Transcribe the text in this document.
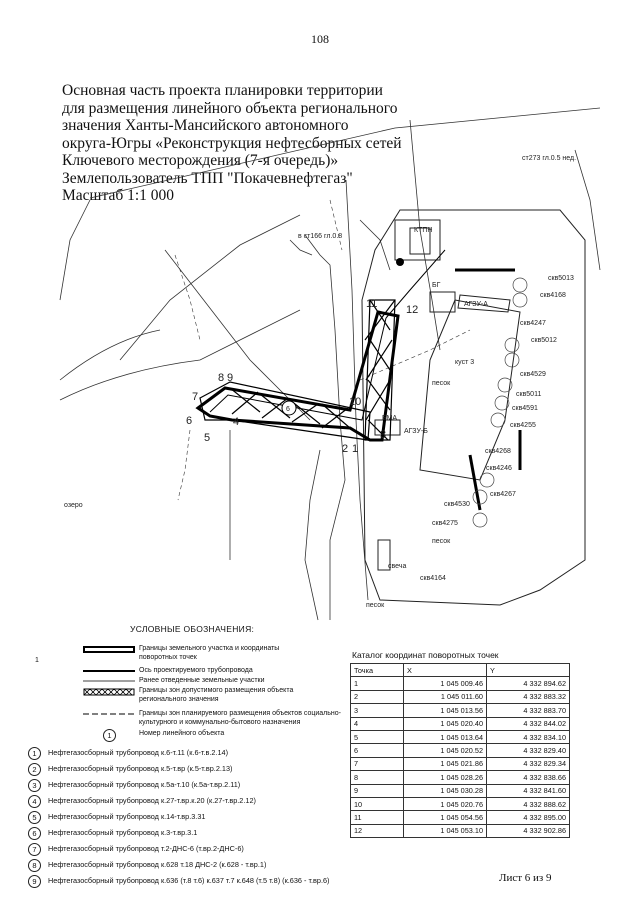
108
Основная часть проекта планировки территории
для размещения линейного объекта регионального
значения Ханты-Мансийского автономного
округа-Югры «Реконструкция нефтесборных сетей
Ключевого месторождения (7-я очередь)»
Землепользователь ТПП "Покачевнефтегаз"
Масштаб 1:1 000
6
1
2
3
4
5
6
7
8 9
10
11	12
КТПН
БГ
АГЗУ-А
АГЗУ-Б
БМА
куст 3
песок
песок
песок
свеча
озеро
ст273 гл.0.5 нед.
в ст166 гл.0.8
скв5013
скв4168
скв4247
скв5012
скв4529
скв5011
скв4591
скв4255
скв4268
скв4246
скв4267
скв4530
скв4275
скв4164
УСЛОВНЫЕ ОБОЗНАЧЕНИЯ:
1
Границы земельного участка и координаты поворотных точек
Ось проектируемого трубопровода
Ранее отведенные земельные участки
Границы зон допустимого размещения объекта регионального значения
Границы зон планируемого размещения объектов социально-культурного и коммунально-бытового назначения
1	Номер линейного объекта
1	Нефтегазосборный трубопровод к.6-т.11 (к.6-т.в.2.14)
2	Нефтегазосборный трубопровод к.5-т.вр (к.5-т.вр.2.13)
3	Нефтегазосборный трубопровод к.5а-т.10 (к.5а-т.вр.2.11)
4	Нефтегазосборный трубопровод к.27-т.вр.к.20 (к.27-т.вр.2.12)
5	Нефтегазосборный трубопровод к.14-т.вр.3.31
6	Нефтегазосборный трубопровод к.3-т.вр.3.1
7	Нефтегазосборный трубопровод т.2-ДНС-6 (т.вр.2-ДНС-6)
8	Нефтегазосборный трубопровод к.628 т.18 ДНС-2 (к.628 - т.вр.1)
9	Нефтегазосборный трубопровод к.636 (т.8 т.6) к.637 т.7 к.648 (т.5 т.8) (к.636 - т.вр.6)
Каталог координат поворотных точек
Точка	X	Y
1	1 045 009.46	4 332 894.62
2	1 045 011.60	4 332 883.32
3	1 045 013.56	4 332 883.70
4	1 045 020.40	4 332 844.02
5	1 045 013.64	4 332 834.10
6	1 045 020.52	4 332 829.40
7	1 045 021.86	4 332 829.34
8	1 045 028.26	4 332 838.66
9	1 045 030.28	4 332 841.60
10	1 045 020.76	4 332 888.62
11	1 045 054.56	4 332 895.00
12	1 045 053.10	4 332 902.86
Лист 6 из 9
